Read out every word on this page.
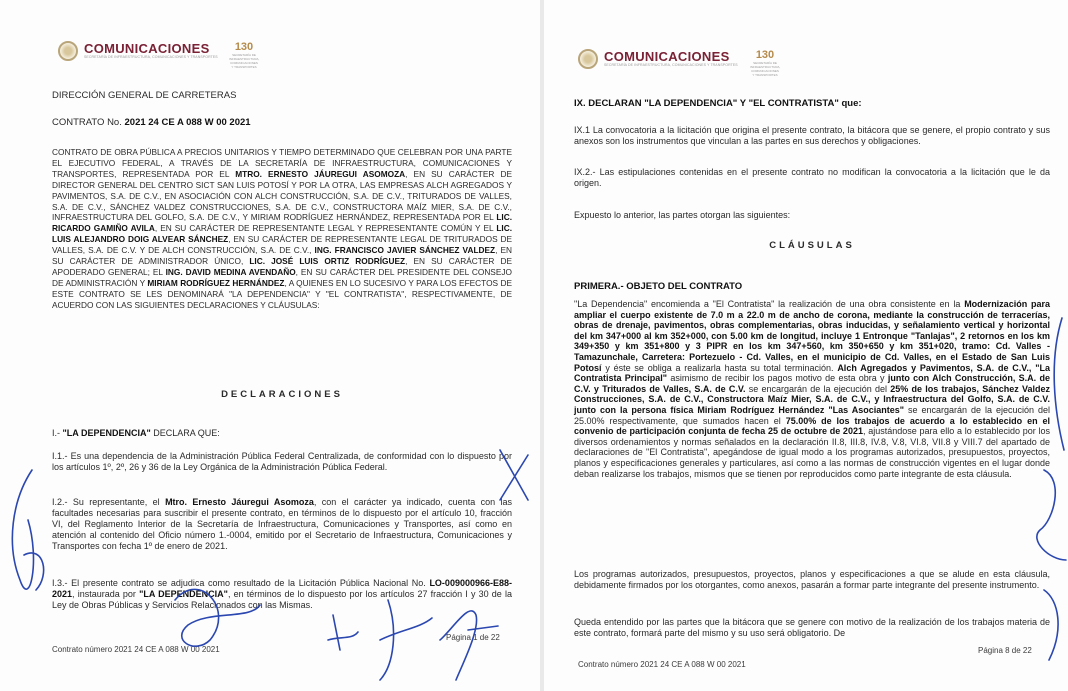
COMUNICACIONES
SECRETARÍA DE INFRAESTRUCTURA, COMUNICACIONES Y TRANSPORTES
130
SECRETARÍA DE INFRAESTRUCTURA, COMUNICACIONES Y TRANSPORTES
DIRECCIÓN GENERAL DE CARRETERAS
CONTRATO No. 2021 24 CE A 088 W 00 2021

CONTRATO DE OBRA PÚBLICA A PRECIOS UNITARIOS Y TIEMPO DETERMINADO QUE CELEBRAN POR UNA PARTE EL EJECUTIVO FEDERAL, A TRAVÉS DE LA SECRETARÍA DE INFRAESTRUCTURA, COMUNICACIONES Y TRANSPORTES, REPRESENTADA POR EL MTRO. ERNESTO JÁUREGUI ASOMOZA, EN SU CARÁCTER DE DIRECTOR GENERAL DEL CENTRO SICT SAN LUIS POTOSÍ Y POR LA OTRA, LAS EMPRESAS ALCH AGREGADOS Y PAVIMENTOS, S.A. DE C.V., EN ASOCIACIÓN CON ALCH CONSTRUCCIÓN, S.A. DE C.V., TRITURADOS DE VALLES, S.A. DE C.V., SÁNCHEZ VALDEZ CONSTRUCCIONES, S.A. DE C.V., CONSTRUCTORA MAÍZ MIER, S.A. DE C.V., INFRAESTRUCTURA DEL GOLFO, S.A. DE C.V., Y MIRIAM RODRÍGUEZ HERNÁNDEZ, REPRESENTADA POR EL LIC. RICARDO GAMIÑO AVILA, EN SU CARÁCTER DE REPRESENTANTE LEGAL Y REPRESENTANTE COMÚN Y EL LIC. LUIS ALEJANDRO DOIG ALVEAR SÁNCHEZ, EN SU CARÁCTER DE REPRESENTANTE LEGAL DE TRITURADOS DE VALLES, S.A. DE C.V. Y DE ALCH CONSTRUCCIÓN, S.A. DE C.V., ING. FRANCISCO JAVIER SÁNCHEZ VALDEZ, EN SU CARÁCTER DE ADMINISTRADOR ÚNICO, LIC. JOSÉ LUIS ORTIZ RODRÍGUEZ, EN SU CARÁCTER DE APODERADO GENERAL; EL ING. DAVID MEDINA AVENDAÑO, EN SU CARÁCTER DEL PRESIDENTE DEL CONSEJO DE ADMINISTRACIÓN Y MIRIAM RODRÍGUEZ HERNÁNDEZ, A QUIENES EN LO SUCESIVO Y PARA LOS EFECTOS DE ESTE CONTRATO SE LES DENOMINARÁ "LA DEPENDENCIA" Y "EL CONTRATISTA", RESPECTIVAMENTE, DE ACUERDO CON LAS SIGUIENTES DECLARACIONES Y CLÁUSULAS:

DECLARACIONES
I.- "LA DEPENDENCIA" DECLARA QUE:

I.1.- Es una dependencia de la Administración Pública Federal Centralizada, de conformidad con lo dispuesto por los artículos 1º, 2º, 26 y 36 de la Ley Orgánica de la Administración Pública Federal.

I.2.- Su representante, el Mtro. Ernesto Jáuregui Asomoza, con el carácter ya indicado, cuenta con las facultades necesarias para suscribir el presente contrato, en términos de lo dispuesto por el artículo 10, fracción VI, del Reglamento Interior de la Secretaría de Infraestructura, Comunicaciones y Transportes, así como en atención al contenido del Oficio número 1.-0004, emitido por el Secretario de Infraestructura, Comunicaciones y Transportes con fecha 1º de enero de 2021.

I.3.- El presente contrato se adjudica como resultado de la Licitación Pública Nacional No. LO-009000966-E88-2021, instaurada por "LA DEPENDENCIA", en términos de lo dispuesto por los artículos 27 fracción I y 30 de la Ley de Obras Públicas y Servicios Relacionados con las Mismas.

Contrato número 2021 24 CE A 088 W 00 2021
Página 1 de 22
COMUNICACIONES
SECRETARÍA DE INFRAESTRUCTURA, COMUNICACIONES Y TRANSPORTES
130
SECRETARÍA DE INFRAESTRUCTURA, COMUNICACIONES Y TRANSPORTES
IX. DECLARAN "LA DEPENDENCIA" Y "EL CONTRATISTA" que:

IX.1 La convocatoria a la licitación que origina el presente contrato, la bitácora que se genere, el propio contrato y sus anexos son los instrumentos que vinculan a las partes en sus derechos y obligaciones.

IX.2.- Las estipulaciones contenidas en el presente contrato no modifican la convocatoria a la licitación que le da origen.

Expuesto lo anterior, las partes otorgan las siguientes:

CLÁUSULAS
PRIMERA.- OBJETO DEL CONTRATO

"La Dependencia" encomienda a "El Contratista" la realización de una obra consistente en la Modernización para ampliar el cuerpo existente de 7.0 m a 22.0 m de ancho de corona, mediante la construcción de terracerías, obras de drenaje, pavimentos, obras complementarias, obras inducidas, y señalamiento vertical y horizontal del km 347+000 al km 352+000, con 5.00 km de longitud, incluye 1 Entronque "Tanlajas", 2 retornos en los km 349+350 y km 351+800 y 3 PIPR en los km 347+560, km 350+650 y km 351+020, tramo: Cd. Valles - Tamazunchale, Carretera: Portezuelo - Cd. Valles, en el municipio de Cd. Valles, en el Estado de San Luis Potosí y éste se obliga a realizarla hasta su total terminación. Alch Agregados y Pavimentos, S.A. de C.V., "La Contratista Principal" asimismo de recibir los pagos motivo de esta obra y junto con Alch Construcción, S.A. de C.V. y Triturados de Valles, S.A. de C.V. se encargarán de la ejecución del 25% de los trabajos, Sánchez Valdez Construcciones, S.A. de C.V., Constructora Maíz Mier, S.A. de C.V., y Infraestructura del Golfo, S.A. de C.V. junto con la persona física Miriam Rodríguez Hernández "Las Asociantes" se encargarán de la ejecución del 25.00% respectivamente, que sumados hacen el 75.00% de los trabajos de acuerdo a lo establecido en el convenio de participación conjunta de fecha 25 de octubre de 2021, ajustándose para ello a lo establecido por los diversos ordenamientos y normas señalados en la declaración II.8, III.8, IV.8, V.8, VI.8, VII.8 y VIII.7 del apartado de declaraciones de "El Contratista", apegándose de igual modo a los programas autorizados, presupuestos, proyectos, planos y especificaciones generales y particulares, así como a las normas de construcción vigentes en el lugar donde deban realizarse los trabajos, mismos que se tienen por reproducidos como parte integrante de esta cláusula.

Los programas autorizados, presupuestos, proyectos, planos y especificaciones a que se alude en esta cláusula, debidamente firmados por los otorgantes, como anexos, pasarán a formar parte integrante del presente instrumento.

Queda entendido por las partes que la bitácora que se genere con motivo de la realización de los trabajos materia de este contrato, formará parte del mismo y su uso será obligatorio. De

Contrato número 2021 24 CE A 088 W 00 2021
Página 8 de 22
